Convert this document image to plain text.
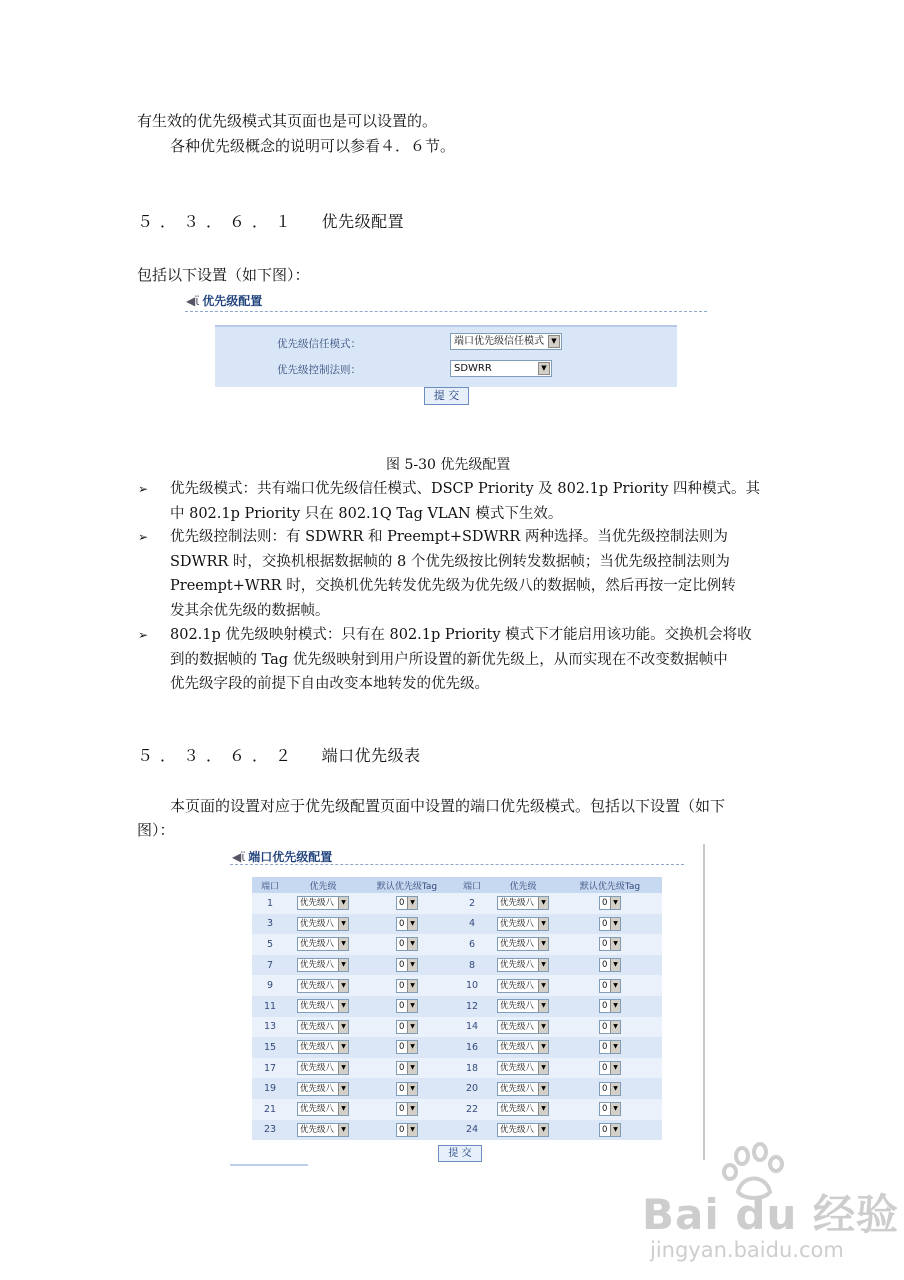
有生效的优先级模式其页面也是可以设置的。
各种优先级概念的说明可以参看４．６节。
５．３．６．１ 优先级配置
包括以下设置（如下图）：
◀ϊ 优先级配置
优先级信任模式：	端口优先级信任模式	▼
优先级控制法则：	SDWRR	▼
提 交
图 5-30 优先级配置
➢ 优先级模式：共有端口优先级信任模式、DSCP Priority 及 802.1p Priority 四种模式。其
中 802.1p Priority 只在 802.1Q Tag VLAN 模式下生效。
➢ 优先级控制法则：有 SDWRR 和 Preempt+SDWRR 两种选择。当优先级控制法则为
SDWRR 时，交换机根据数据帧的 8 个优先级按比例转发数据帧；当优先级控制法则为
Preempt+WRR 时，交换机优先转发优先级为优先级八的数据帧，然后再按一定比例转
发其余优先级的数据帧。
➢ 802.1p 优先级映射模式：只有在 802.1p Priority 模式下才能启用该功能。交换机会将收
到的数据帧的 Tag 优先级映射到用户所设置的新优先级上，从而实现在不改变数据帧中
优先级字段的前提下自由改变本地转发的优先级。
５．３．６．２ 端口优先级表
本页面的设置对应于优先级配置页面中设置的端口优先级模式。包括以下设置（如下
图）：
◀ϊ 端口优先级配置
端口	优先级	默认优先级Tag	端口	优先级	默认优先级Tag
1	优先级八 ▼	0 ▼	2	优先级八 ▼	0 ▼

3	优先级八 ▼	0 ▼	4	优先级八 ▼	0 ▼

5	优先级八 ▼	0 ▼	6	优先级八 ▼	0 ▼

7	优先级八 ▼	0 ▼	8	优先级八 ▼	0 ▼

9	优先级八 ▼	0 ▼	10	优先级八 ▼	0 ▼

11	优先级八 ▼	0 ▼	12	优先级八 ▼	0 ▼

13	优先级八 ▼	0 ▼	14	优先级八 ▼	0 ▼

15	优先级八 ▼	0 ▼	16	优先级八 ▼	0 ▼

17	优先级八 ▼	0 ▼	18	优先级八 ▼	0 ▼

19	优先级八 ▼	0 ▼	20	优先级八 ▼	0 ▼

21	优先级八 ▼	0 ▼	22	优先级八 ▼	0 ▼

23	优先级八 ▼	0 ▼	24	优先级八 ▼	0 ▼
提 交
Bai du 经验
jingyan.baidu.com
